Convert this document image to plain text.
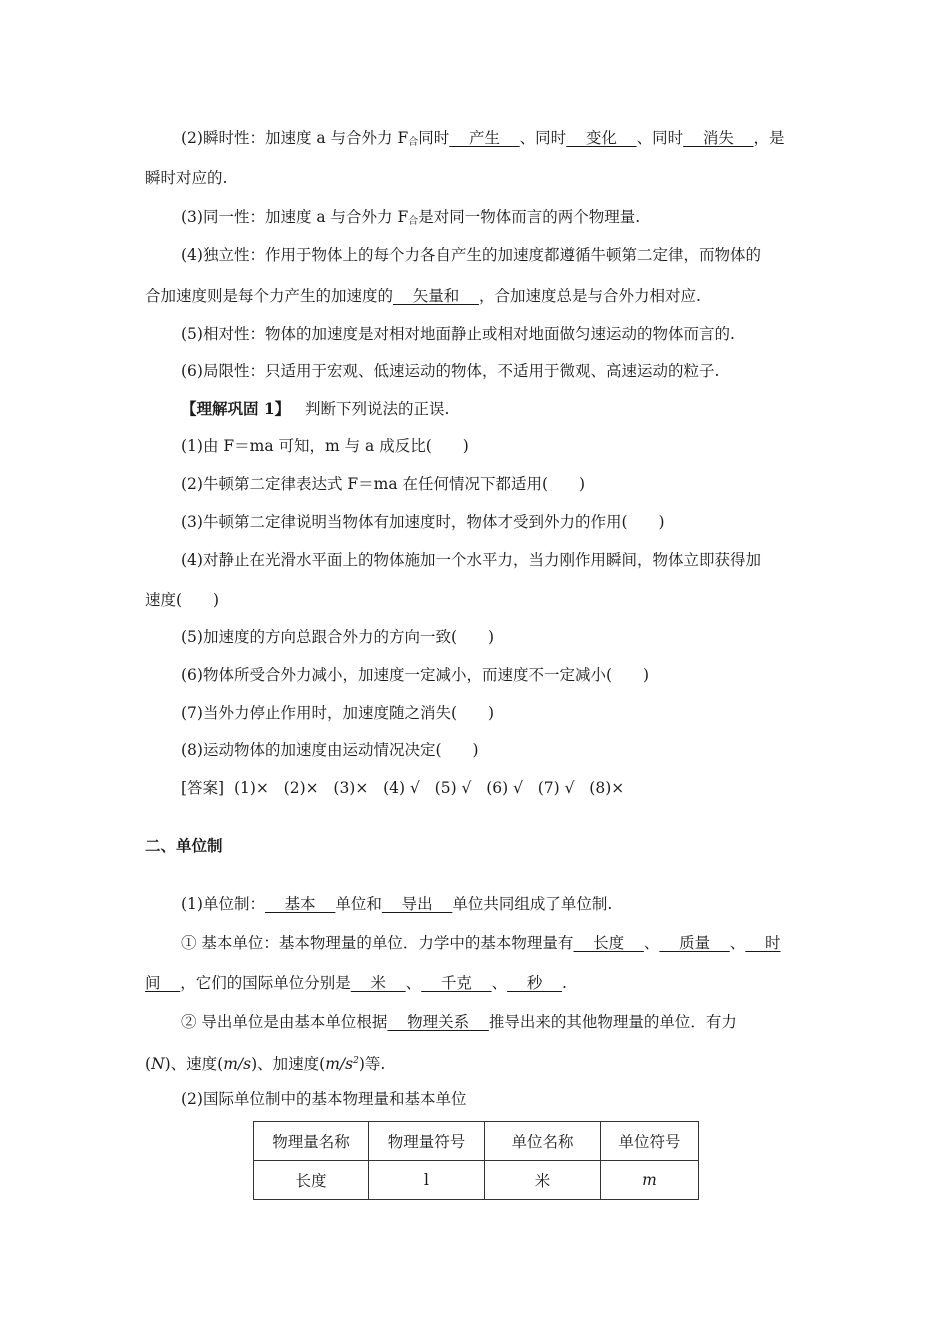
(2)瞬时性：加速度 a 与合外力 $F_合$同时    产生    、同时    变化    、同时    消失    ，是
瞬时对应的.
(3)同一性：加速度 a 与合外力 $F_合$是对同一物体而言的两个物理量.
(4)独立性：作用于物体上的每个力各自产生的加速度都遵循牛顿第二定律，而物体的
合加速度则是每个力产生的加速度的    矢量和    ，合加速度总是与合外力相对应.
(5)相对性：物体的加速度是对相对地面静止或相对地面做匀速运动的物体而言的.
(6)局限性：只适用于宏观、低速运动的物体，不适用于微观、高速运动的粒子.
【理解巩固 1】 判断下列说法的正误.
(1)由 F＝ma 可知，m 与 a 成反比(　　)
(2)牛顿第二定律表达式 F＝ma 在任何情况下都适用(　　)
(3)牛顿第二定律说明当物体有加速度时，物体才受到外力的作用(　　)
(4)对静止在光滑水平面上的物体施加一个水平力，当力刚作用瞬间，物体立即获得加
速度(　　)
(5)加速度的方向总跟合外力的方向一致(　　)
(6)物体所受合外力减小，加速度一定减小，而速度不一定减小(　　)
(7)当外力停止作用时，加速度随之消失(　　)
(8)运动物体的加速度由运动情况决定(　　)
[答案]  (1)×   (2)×   (3)×   (4) √   (5) √   (6) √   (7) √   (8)×
二、单位制
(1)单位制：    基本    单位和    导出    单位共同组成了单位制.
① 基本单位：基本物理量的单位．力学中的基本物理量有    长度    、    质量    、    时
间    ，它们的国际单位分别是    米    、    千克    、    秒    .
② 导出单位是由基本单位根据    物理关系    推导出来的其他物理量的单位．有力
(N)、速度(m/s)、加速度$(m/s^2)$等.
(2)国际单位制中的基本物理量和基本单位
物理量名称	物理量符号	单位名称	单位符号
长度	l	米	m
